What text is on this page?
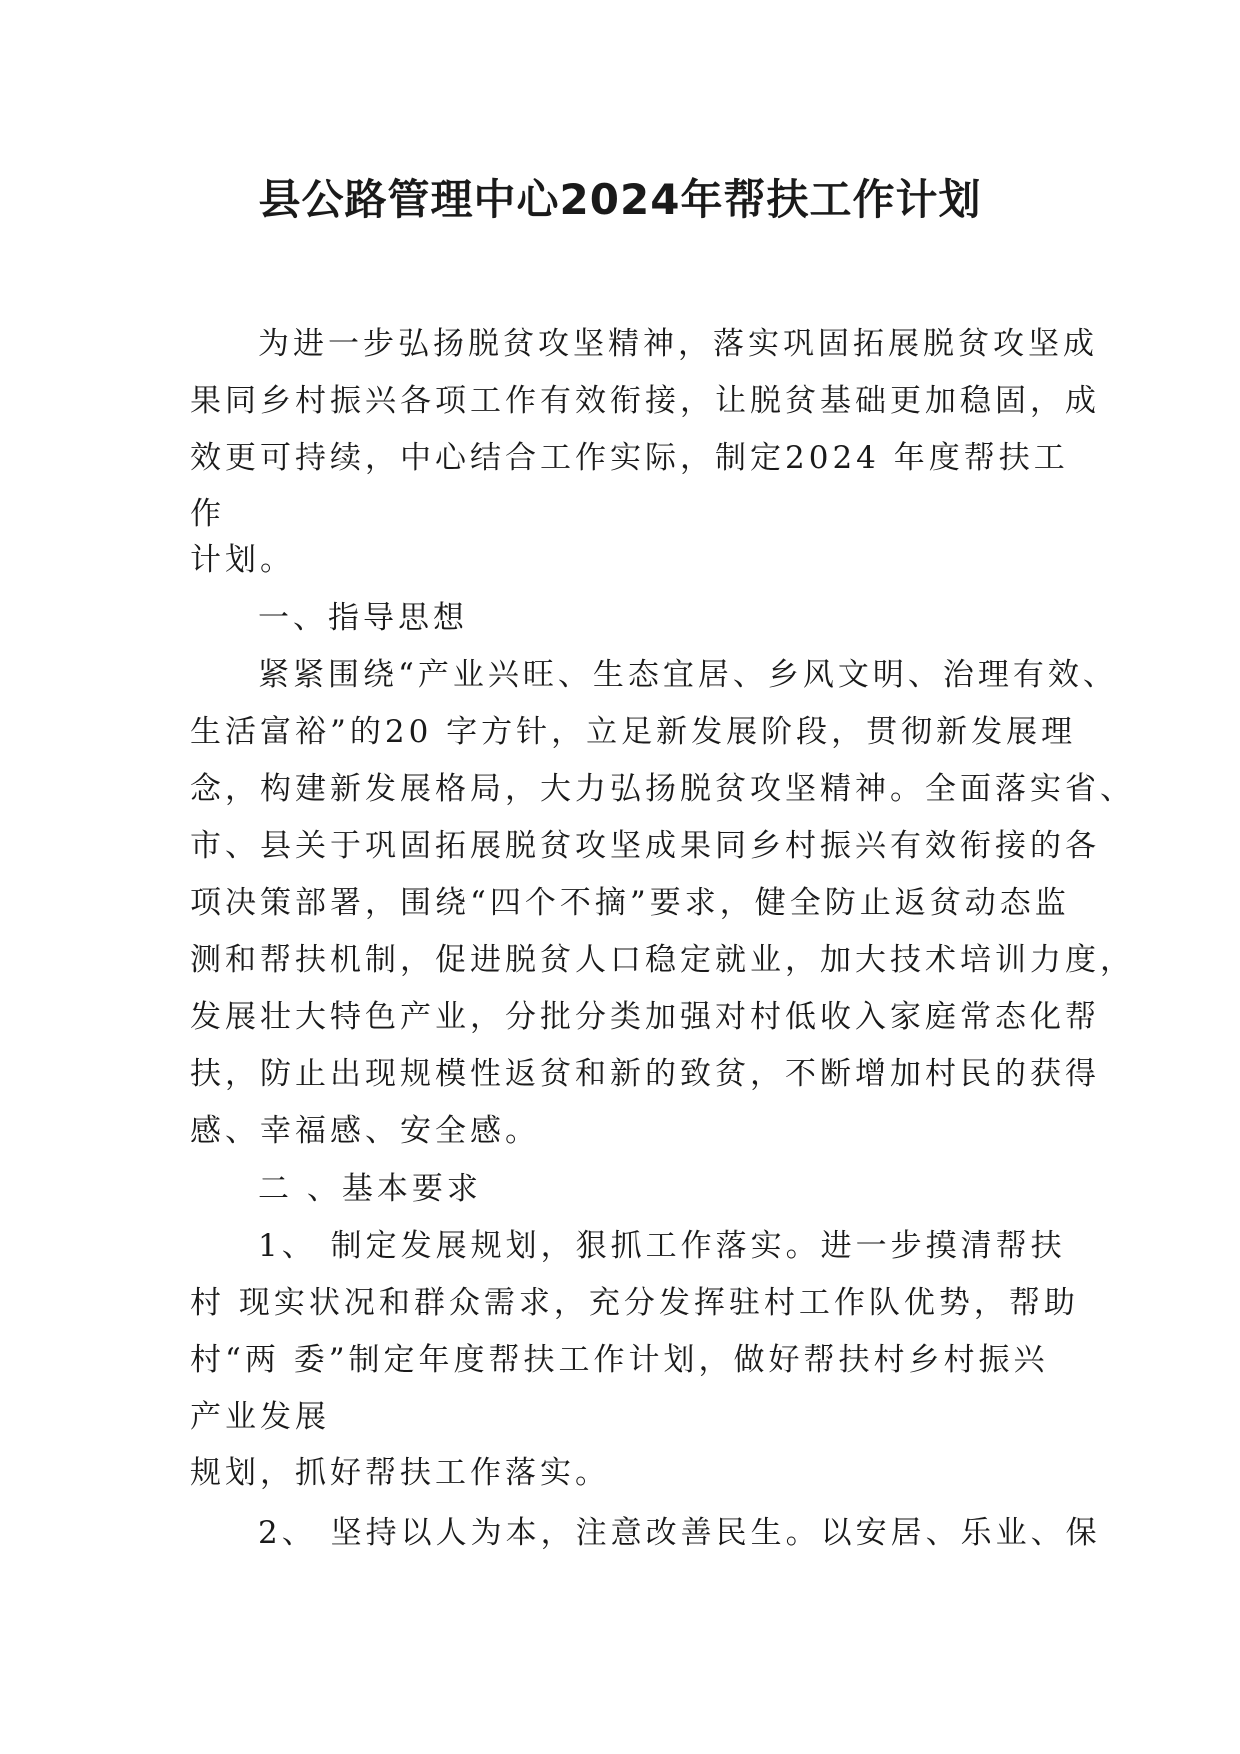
县公路管理中心2024年帮扶工作计划

为进一步弘扬脱贫攻坚精神，落实巩固拓展脱贫攻坚成

果同乡村振兴各项工作有效衔接，让脱贫基础更加稳固，成

效更可持续，中心结合工作实际，制定2024 年度帮扶工

作

计划。

一、指导思想

紧紧围绕“产业兴旺、生态宜居、乡风文明、治理有效、

生活富裕”的20 字方针，立足新发展阶段，贯彻新发展理

念，构建新发展格局，大力弘扬脱贫攻坚精神。全面落实省、

市、县关于巩固拓展脱贫攻坚成果同乡村振兴有效衔接的各

项决策部署，围绕“四个不摘”要求，健全防止返贫动态监

测和帮扶机制，促进脱贫人口稳定就业，加大技术培训力度，

发展壮大特色产业，分批分类加强对村低收入家庭常态化帮

扶，防止出现规模性返贫和新的致贫，不断增加村民的获得

感、幸福感、安全感。

二 、基本要求

1、 制定发展规划，狠抓工作落实。进一步摸清帮扶

村 现实状况和群众需求，充分发挥驻村工作队优势，帮助

村“两 委”制定年度帮扶工作计划，做好帮扶村乡村振兴

产业发展

规划，抓好帮扶工作落实。

2、 坚持以人为本，注意改善民生。以安居、乐业、保
